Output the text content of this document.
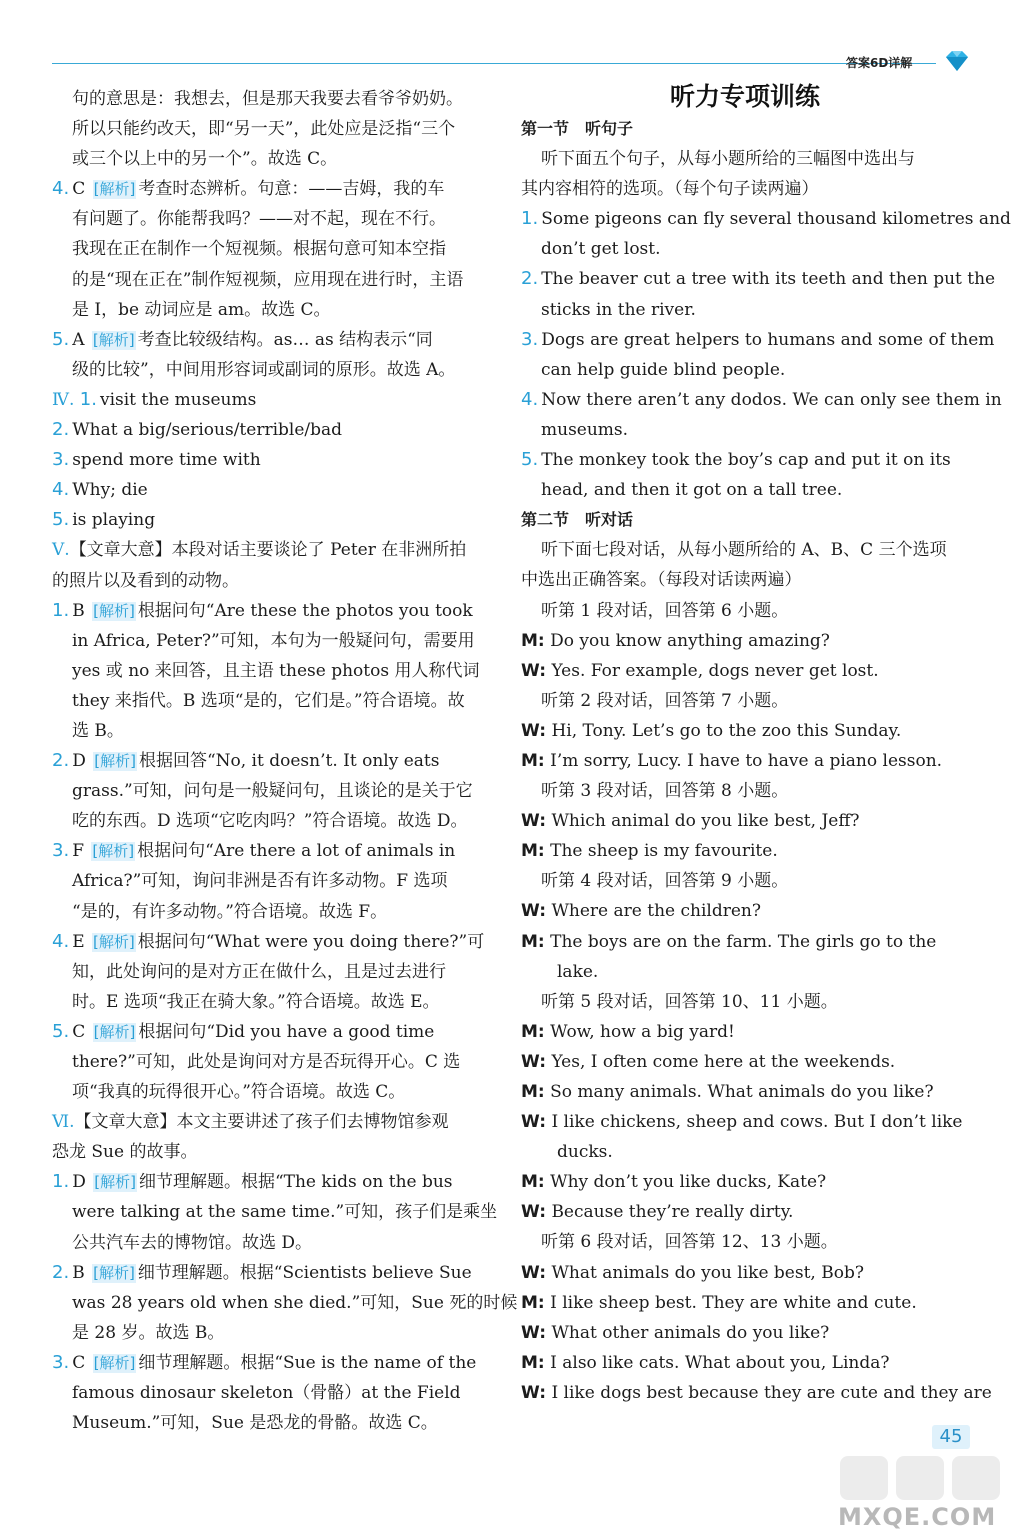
答案6D详解
句的意思是：我想去，但是那天我要去看爷爷奶奶。
所以只能约改天，即“另一天”，此处应是泛指“三个
或三个以上中的另一个”。故选 C。
4. C [解析] 考查时态辨析。句意：——吉姆，我的车
有问题了。你能帮我吗？——对不起，现在不行。
我现在正在制作一个短视频。根据句意可知本空指
的是“现在正在”制作短视频，应用现在进行时，主语
是 I，be 动词应是 am。故选 C。
5. A [解析] 考查比较级结构。as… as 结构表示“同
级的比较”，中间用形容词或副词的原形。故选 A。
Ⅳ. 1. visit the museums
2. What a big/serious/terrible/bad
3. spend more time with
4. Why; die
5. is playing
Ⅴ.【文章大意】本段对话主要谈论了 Peter 在非洲所拍
的照片以及看到的动物。
1. B [解析] 根据问句“Are these the photos you took
in Africa, Peter?”可知，本句为一般疑问句，需要用
yes 或 no 来回答，且主语 these photos 用人称代词
they 来指代。B 选项“是的，它们是。”符合语境。故
选 B。
2. D [解析] 根据回答“No, it doesn’t. It only eats
grass.”可知，问句是一般疑问句，且谈论的是关于它
吃的东西。D 选项“它吃肉吗？”符合语境。故选 D。
3. F [解析] 根据问句“Are there a lot of animals in
Africa?”可知，询问非洲是否有许多动物。F 选项
“是的，有许多动物。”符合语境。故选 F。
4. E [解析] 根据问句“What were you doing there?”可
知，此处询问的是对方正在做什么，且是过去进行
时。E 选项“我正在骑大象。”符合语境。故选 E。
5. C [解析] 根据问句“Did you have a good time
there?”可知，此处是询问对方是否玩得开心。C 选
项“我真的玩得很开心。”符合语境。故选 C。
Ⅵ.【文章大意】本文主要讲述了孩子们去博物馆参观
恐龙 Sue 的故事。
1. D [解析] 细节理解题。根据“The kids on the bus
were talking at the same time.”可知，孩子们是乘坐
公共汽车去的博物馆。故选 D。
2. B [解析] 细节理解题。根据“Scientists believe Sue
was 28 years old when she died.”可知，Sue 死的时候
是 28 岁。故选 B。
3. C [解析] 细节理解题。根据“Sue is the name of the
famous dinosaur skeleton（骨骼）at the Field
Museum.”可知，Sue 是恐龙的骨骼。故选 C。
听力专项训练
第一节　听句子
听下面五个句子，从每小题所给的三幅图中选出与
其内容相符的选项。（每个句子读两遍）
1. Some pigeons can fly several thousand kilometres and
don’t get lost.
2. The beaver cut a tree with its teeth and then put the
sticks in the river.
3. Dogs are great helpers to humans and some of them
can help guide blind people.
4. Now there aren’t any dodos. We can only see them in
museums.
5. The monkey took the boy’s cap and put it on its
head, and then it got on a tall tree.
第二节　听对话
听下面七段对话，从每小题所给的 A、B、C 三个选项
中选出正确答案。（每段对话读两遍）
听第 1 段对话，回答第 6 小题。
M: Do you know anything amazing?
W: Yes. For example, dogs never get lost.
听第 2 段对话，回答第 7 小题。
W: Hi, Tony. Let’s go to the zoo this Sunday.
M: I’m sorry, Lucy. I have to have a piano lesson.
听第 3 段对话，回答第 8 小题。
W: Which animal do you like best, Jeff?
M: The sheep is my favourite.
听第 4 段对话，回答第 9 小题。
W: Where are the children?
M: The boys are on the farm. The girls go to the
lake.
听第 5 段对话，回答第 10、11 小题。
M: Wow, how a big yard!
W: Yes, I often come here at the weekends.
M: So many animals. What animals do you like?
W: I like chickens, sheep and cows. But I don’t like
ducks.
M: Why don’t you like ducks, Kate?
W: Because they’re really dirty.
听第 6 段对话，回答第 12、13 小题。
W: What animals do you like best, Bob?
M: I like sheep best. They are white and cute.
W: What other animals do you like?
M: I also like cats. What about you, Linda?
W: I like dogs best because they are cute and they are
45
MXQE.COM
